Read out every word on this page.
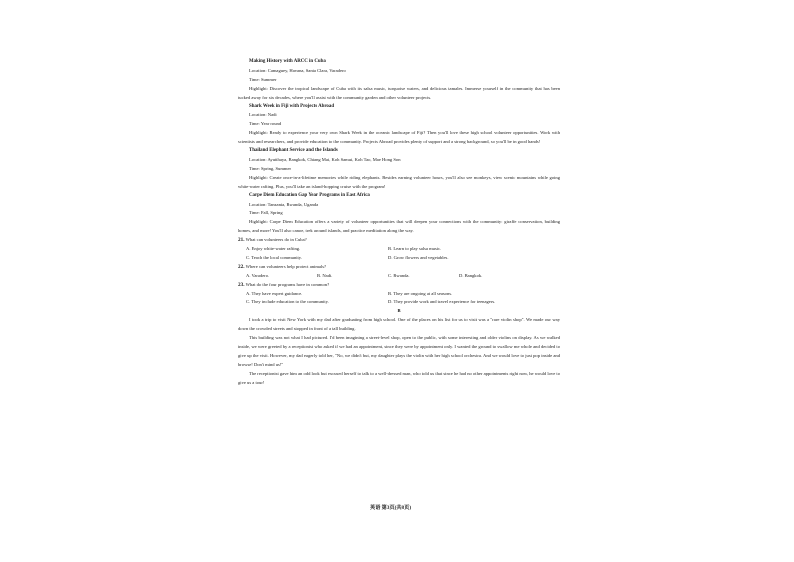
Making History with ARCC in Cuba
Location: Camaguey, Havana, Santa Clara, Varadero
Time: Summer
Highlight: Discover the tropical landscape of Cuba with its salsa music, turquoise waters, and delicious tamales. Immerse yourself in the community that has been tucked away for six decades, where you'll assist with the community garden and other volunteer projects.
Shark Week in Fiji with Projects Abroad
Location: Nadi
Time: Year round
Highlight: Ready to experience your very own Shark Week in the oceanic landscape of Fiji? Then you'll love these high school volunteer opportunities. Work with scientists and researchers, and provide education to the community. Projects Abroad provides plenty of support and a strong background, so you'll be in good hands!
Thailand Elephant Service and the Islands
Location: Ayutthaya, Bangkok, Chiang Mai, Koh Samui, Koh Tao, Mae Hong Son
Time: Spring, Summer
Highlight: Create once-in-a-lifetime memories while riding elephants. Besides earning volunteer hours, you'll also see monkeys, view scenic mountains while going white-water rafting. Plus, you'll take an island-hopping cruise with the program!
Carpe Diem Education Gap Year Programs in East Africa
Location: Tanzania, Rwanda, Uganda
Time: Fall, Spring
Highlight: Carpe Diem Education offers a variety of volunteer opportunities that will deepen your connections with the community: giraffe conservation, building homes, and more! You'll also canoe, trek around islands, and practice meditation along the way.
21. What can volunteers do in Cuba?
A. Enjoy white-water rafting.	B. Learn to play salsa music.
C. Teach the local community.	D. Grow flowers and vegetables.
22. Where can volunteers help protect animals?
A. Varadero.	B. Nadi.	C. Rwanda.	D. Bangkok.
23. What do the four programs have in common?
A. They have expert guidance.	B. They are ongoing at all seasons.
C. They include education to the community.	D. They provide work and travel experience for teenagers.
B
I took a trip to visit New York with my dad after graduating from high school. One of the places on his list for us to visit was a "rare violin shop". We made our way down the crowded streets and stopped in front of a tall building.
This building was not what I had pictured. I'd been imagining a street-level shop, open to the public, with some interesting and older violins on display. As we walked inside, we were greeted by a receptionist who asked if we had an appointment, since they were by appointment only. I wanted the ground to swallow me whole and decided to give up the visit. However, my dad eagerly told her, "No, we didn't but, my daughter plays the violin with her high school orchestra. And we would love to just pop inside and browse! Don't mind us!"
The receptionist gave him an odd look but excused herself to talk to a well-dressed man, who told us that since he had no other appointments right now, he would love to give us a tour!
英语 第3页(共8页)
